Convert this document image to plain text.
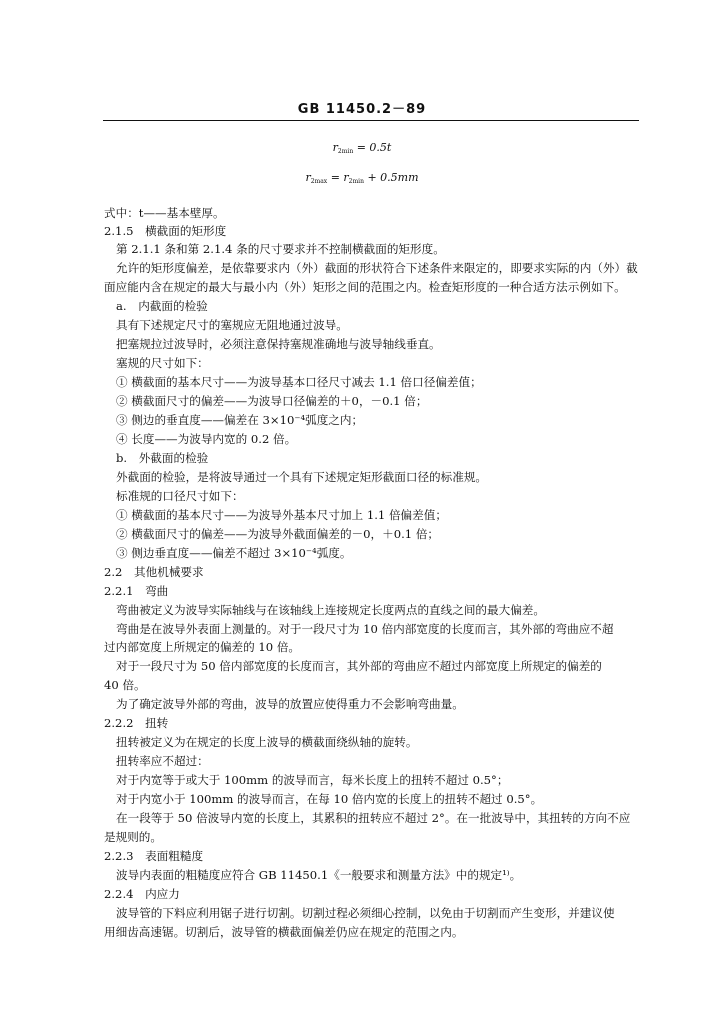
GB 11450.2－89
$r_{2min} = 0.5t$
$r_{2max} = r_{2min} + 0.5mm$
式中：t——基本壁厚。
2.1.5　横截面的矩形度
第 2.1.1 条和第 2.1.4 条的尺寸要求并不控制横截面的矩形度。
允许的矩形度偏差，是依靠要求内（外）截面的形状符合下述条件来限定的，即要求实际的内（外）截
面应能内含在规定的最大与最小内（外）矩形之间的范围之内。检查矩形度的一种合适方法示例如下。
a.　内截面的检验
具有下述规定尺寸的塞规应无阻地通过波导。
把塞规拉过波导时，必须注意保持塞规准确地与波导轴线垂直。
塞规的尺寸如下：
① 横截面的基本尺寸——为波导基本口径尺寸减去 1.1 倍口径偏差值；
② 横截面尺寸的偏差——为波导口径偏差的＋0，－0.1 倍；
③ 侧边的垂直度——偏差在 3×10⁻⁴弧度之内；
④ 长度——为波导内宽的 0.2 倍。
b.　外截面的检验
外截面的检验，是将波导通过一个具有下述规定矩形截面口径的标准规。
标准规的口径尺寸如下：
① 横截面的基本尺寸——为波导外基本尺寸加上 1.1 倍偏差值；
② 横截面尺寸的偏差——为波导外截面偏差的－0，＋0.1 倍；
③ 侧边垂直度——偏差不超过 3×10⁻⁴弧度。
2.2　其他机械要求
2.2.1　弯曲
弯曲被定义为波导实际轴线与在该轴线上连接规定长度两点的直线之间的最大偏差。
弯曲是在波导外表面上测量的。对于一段尺寸为 10 倍内部宽度的长度而言，其外部的弯曲应不超
过内部宽度上所规定的偏差的 10 倍。
对于一段尺寸为 50 倍内部宽度的长度而言，其外部的弯曲应不超过内部宽度上所规定的偏差的
40 倍。
为了确定波导外部的弯曲，波导的放置应使得重力不会影响弯曲量。
2.2.2　扭转
扭转被定义为在规定的长度上波导的横截面绕纵轴的旋转。
扭转率应不超过：
对于内宽等于或大于 100mm 的波导而言，每米长度上的扭转不超过 0.5°；
对于内宽小于 100mm 的波导而言，在每 10 倍内宽的长度上的扭转不超过 0.5°。
在一段等于 50 倍波导内宽的长度上，其累积的扭转应不超过 2°。在一批波导中，其扭转的方向不应
是规则的。
2.2.3　表面粗糙度
波导内表面的粗糙度应符合 GB 11450.1《一般要求和测量方法》中的规定¹⁾。
2.2.4　内应力
波导管的下料应利用锯子进行切割。切割过程必须细心控制，以免由于切割而产生变形，并建议使
用细齿高速锯。切割后，波导管的横截面偏差仍应在规定的范围之内。
